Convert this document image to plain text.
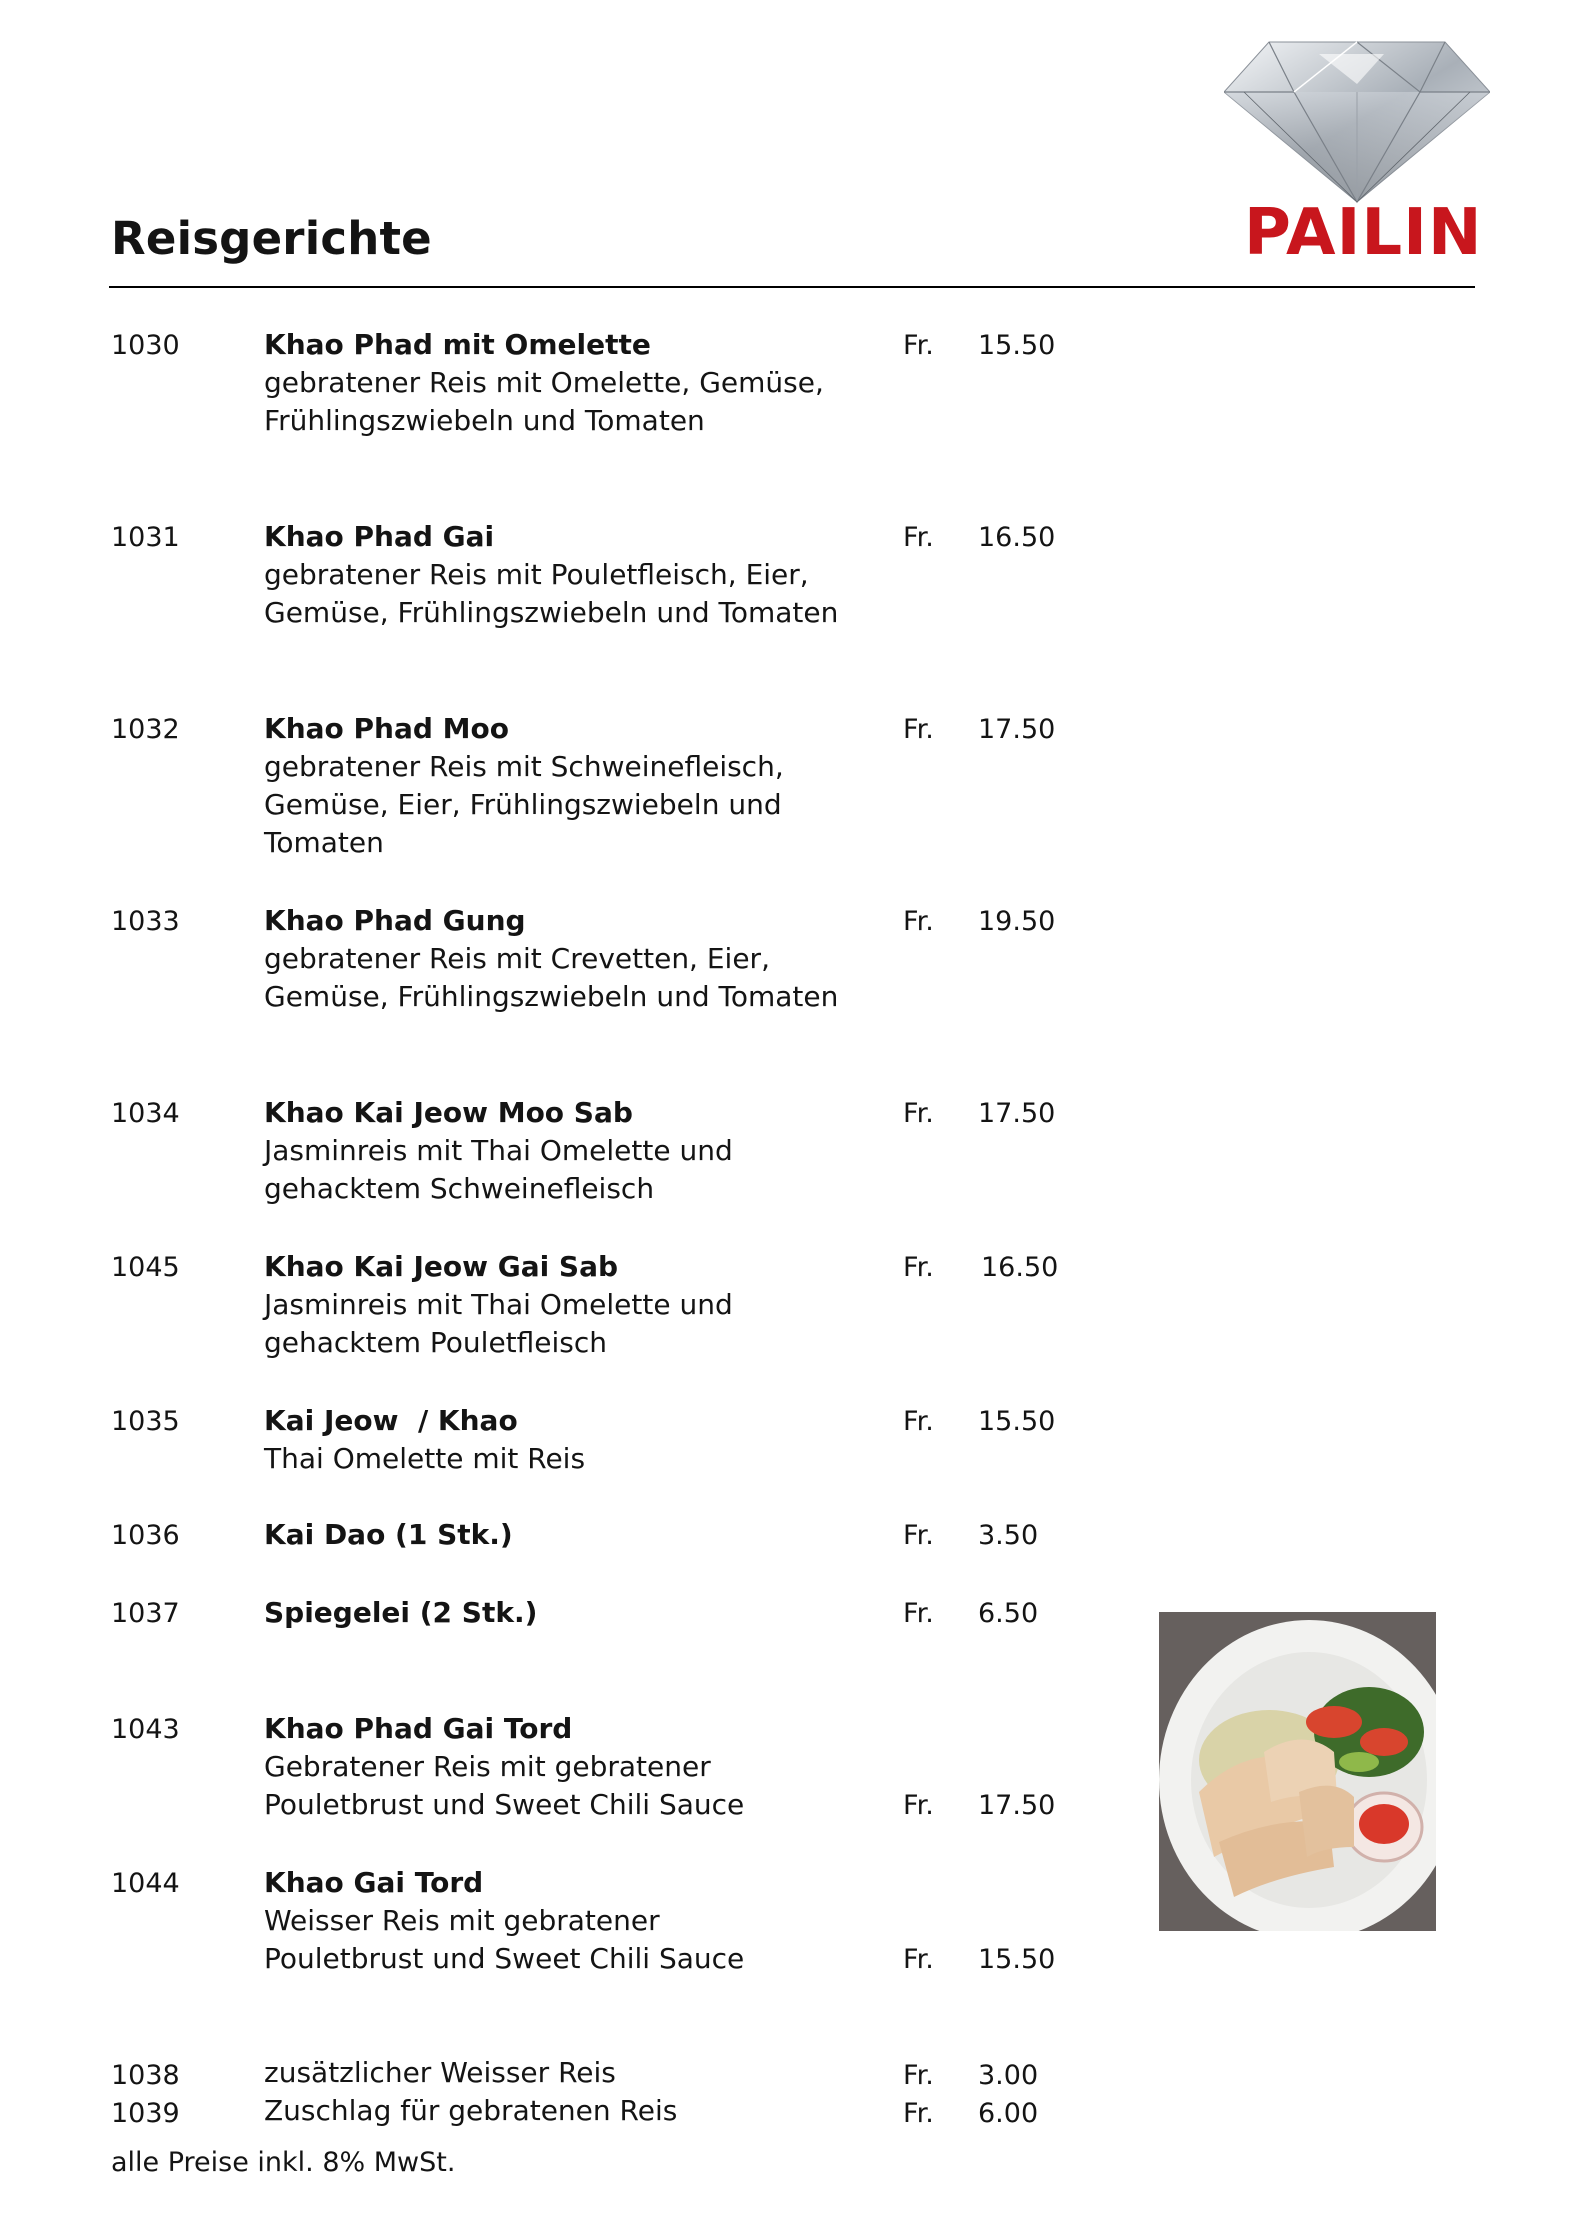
Reisgerichte	PAILIN
1030	Khao Phad mit Omelette
gebratener Reis mit Omelette, Gemüse,
Frühlingszwiebeln und Tomaten
Fr. 15.50
1031	Khao Phad Gai
gebratener Reis mit Pouletfleisch, Eier,
Gemüse, Frühlingszwiebeln und Tomaten
Fr. 16.50
1032	Khao Phad Moo
gebratener Reis mit Schweinefleisch,
Gemüse, Eier, Frühlingszwiebeln und
Tomaten
Fr. 17.50
1033	Khao Phad Gung
gebratener Reis mit Crevetten, Eier,
Gemüse, Frühlingszwiebeln und Tomaten
Fr. 19.50
1034	Khao Kai Jeow Moo Sab
Jasminreis mit Thai Omelette und
gehacktem Schweinefleisch
Fr. 17.50
1045	Khao Kai Jeow Gai Sab
Jasminreis mit Thai Omelette und
gehacktem Pouletfleisch
Fr. 16.50
1035	Kai Jeow  / Khao
Thai Omelette mit Reis
Fr. 15.50
1036	Kai Dao (1 Stk.)	Fr. 3.50
1037	Spiegelei (2 Stk.)	Fr. 6.50
1043	Khao Phad Gai Tord
Gebratener Reis mit gebratener
Pouletbrust und Sweet Chili Sauce	Fr. 17.50
1044	Khao Gai Tord
Weisser Reis mit gebratener
Pouletbrust und Sweet Chili Sauce	Fr. 15.50
1038	zusätzlicher Weisser Reis	Fr. 3.00
1039	Zuschlag für gebratenen Reis	Fr. 6.00
alle Preise inkl. 8% MwSt.
